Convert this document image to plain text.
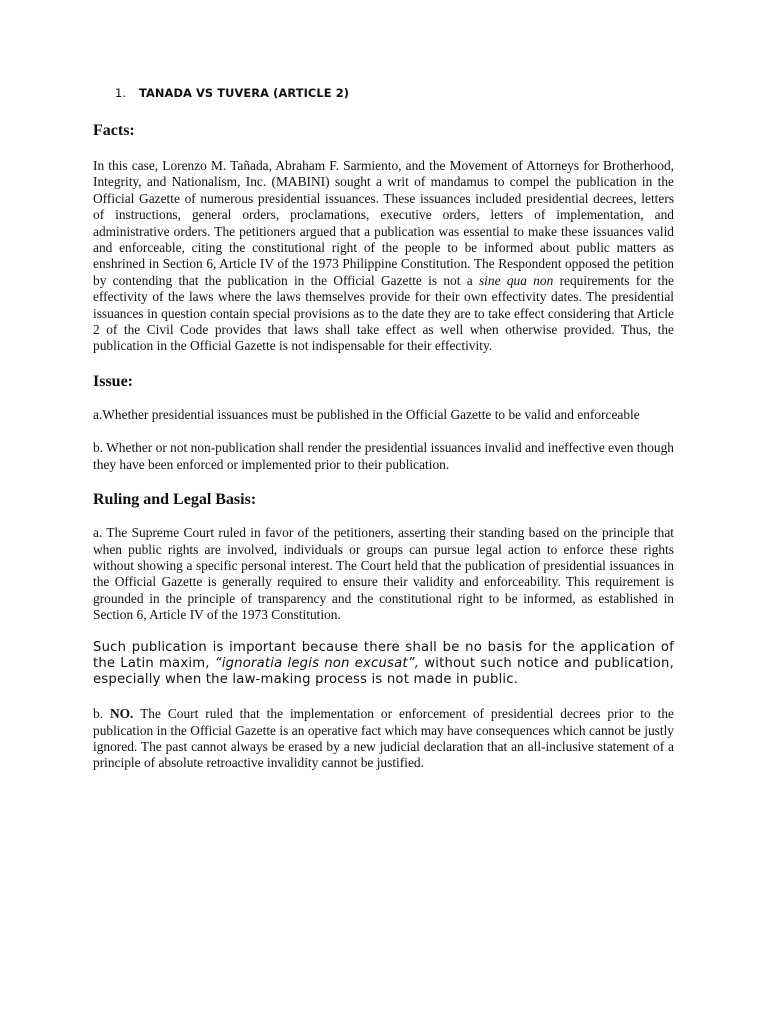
1. TANADA VS TUVERA (ARTICLE 2)
Facts:

In this case, Lorenzo M. Tañada, Abraham F. Sarmiento, and the Movement of Attorneys for Brotherhood, Integrity, and Nationalism, Inc. (MABINI) sought a writ of mandamus to compel the publication in the Official Gazette of numerous presidential issuances. These issuances included presidential decrees, letters of instructions, general orders, proclamations, executive orders, letters of implementation, and administrative orders. The petitioners argued that a publication was essential to make these issuances valid and enforceable, citing the constitutional right of the people to be informed about public matters as enshrined in Section 6, Article IV of the 1973 Philippine Constitution. The Respondent opposed the petition by contending that the publication in the Official Gazette is not a sine qua non requirements for the effectivity of the laws where the laws themselves provide for their own effectivity dates. The presidential issuances in question contain special provisions as to the date they are to take effect considering that Article 2 of the Civil Code provides that laws shall take effect as well when otherwise provided. Thus, the publication in the Official Gazette is not indispensable for their effectivity.

Issue:

a.Whether presidential issuances must be published in the Official Gazette to be valid and enforceable

b. Whether or not non-publication shall render the presidential issuances invalid and ineffective even though they have been enforced or implemented prior to their publication.

Ruling and Legal Basis:

a. The Supreme Court ruled in favor of the petitioners, asserting their standing based on the principle that when public rights are involved, individuals or groups can pursue legal action to enforce these rights without showing a specific personal interest. The Court held that the publication of presidential issuances in the Official Gazette is generally required to ensure their validity and enforceability. This requirement is grounded in the principle of transparency and the constitutional right to be informed, as established in Section 6, Article IV of the 1973 Constitution.

Such publication is important because there shall be no basis for the application of the Latin maxim, “ignoratia legis non excusat”, without such notice and publication, especially when the law-making process is not made in public.

b. NO. The Court ruled that the implementation or enforcement of presidential decrees prior to the publication in the Official Gazette is an operative fact which may have consequences which cannot be justly ignored. The past cannot always be erased by a new judicial declaration that an all-inclusive statement of a principle of absolute retroactive invalidity cannot be justified.
